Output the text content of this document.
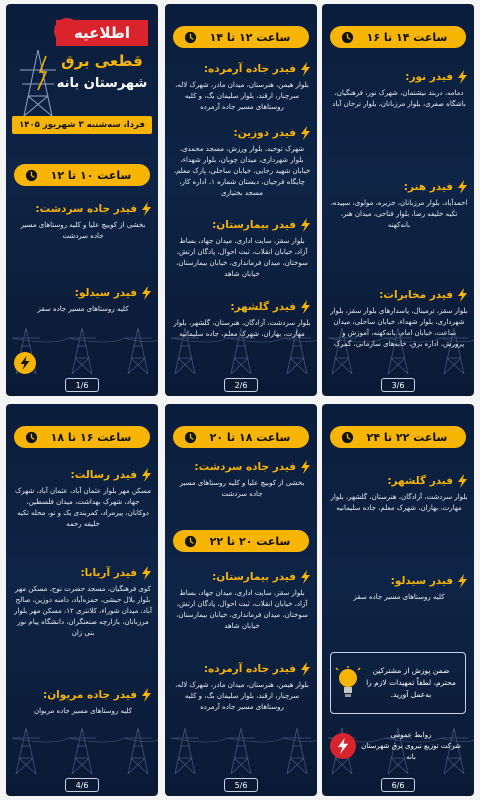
اطلاعیه
قطعی برق
شهرستان بانه
فردا، سه‌شنبه ۳ شهریور ۱۴۰۵
ساعت ۱۰ تا ۱۲
فیدر جاده سردشت:
بخشی از کوییچ علیا و کلیه روستاهای مسیر جاده سردشت
فیدر سیدلو:
کلیه روستاهای مسیر جاده سقز
1/6
ساعت ۱۲ تا ۱۴
فیدر جاده آرمرده:
بلوار هیمن، هنرستان، میدان مادر، شهرک لاله، سرچنار، ارقند، بلوار سلیمان بگ، و کلیه روستاهای مسیر جاده آرمرده
فیدر دوزین:
شهرک توحید، بلوار ورزش، مسجد محمدی، بلوار شهرداری، میدان چوبان، بلوار شهداء، خیابان شهید رجایی، خیابان ساحلی، پارک معلم، چایگاه فرجیان، دبستان شماره ۱، اداره کار، مسجد بختیاری
فیدر بیمارستان:
بلوار سقز، سایت اداری، میدان جهاد، بساط آزاد، خیابان انقلاب، ثبت احوال، پادگان ارتش، سوختان، میدان فرمانداری، خیابان بیمارستان، خیابان شاهد
فیدر گلشهر:
بلوار سردشت، آزادگان، هنرستان، گلشهر، بلوار مهارت، بهاران، شهرک معلم، جاده سلیمانیه
2/6
ساعت ۱۴ تا ۱۶
فیدر نور:
دمامه، دربند نیشتمان، شهرک نور، فرهنگیان، باشگاه صفری، بلوار مرزبانان، بلوار ترخان آباد
فیدر هنر:
احمدآباد، بلوار مرزبانان، جزیره، مولوی، سپیده، تکیه خلیفه رضا، بلوار فتاحی، میدان هنر، بانه‌کهنه
فیدر مخابرات:
بلوار سقز، ترمینال، پاسدارهای بلوار سقز، بلوار شهرداری، بلوار شهداء، خیابان ساحلی، میدان ساعت، خیابان امام، بانه‌کهنه، آموزش و پرورش، اداره برق، خانه‌های سازمانی، گمرک
3/6
ساعت ۱۶ تا ۱۸
فیدر رسالت:
مسکن مهر بلوار عثمان آباد، عثمان آباد، شهرک جهاد، شهرک بهداشت، میدان فلسطین، دوکانان، پیرمراد، کمربندی بک و نو، محله تکیه خلیفه رحمه
فیدر آربابا:
کوی فرهنگیان، مسجد حضرت نوح، مسکن مهر بلوار بلال حبشی، حمزه‌آباد، دامنه دوزین، صالح آباد، میدان شوراء، کلانتری ۱۲، مسکن مهر بلوار مرزبانان، بازارچه صنعتگران، دانشگاه پیام نور بنی زان
فیدر جاده مریوان:
کلیه روستاهای مسیر جاده مریوان
4/6
ساعت ۱۸ تا ۲۰
فیدر جاده سردشت:
بخشی از کوییچ علیا و کلیه روستاهای مسیر جاده سردشت
ساعت ۲۰ تا ۲۲
فیدر بیمارستان:
بلوار سقز، سایت اداری، میدان جهاد، بساط آزاد، خیابان انقلاب، ثبت احوال، پادگان ارتش، سوختان، میدان فرمانداری، خیابان بیمارستان، خیابان شاهد
فیدر جاده آرمرده:
بلوار هیمن، هنرستان، میدان مادر، شهرک لاله، سرچنار، ارقند، بلوار سلیمان بگ، و کلیه روستاهای مسیر جاده آرمرده
5/6
ساعت ۲۲ تا ۲۴
فیدر گلشهر:
بلوار سردشت، آزادگان، هنرستان، گلشهر، بلوار مهارت، بهاران، شهرک معلم، جاده سلیمانیه
فیدر سیدلو:
کلیه روستاهای مسیر جاده سقز
ضمن پوزش از مشترکین محترم، لطفاً تمهیدات لازم را به‌عمل آورید.
روابط عمومی
شرکت توزیع نیروی برق شهرستان بانه
6/6
